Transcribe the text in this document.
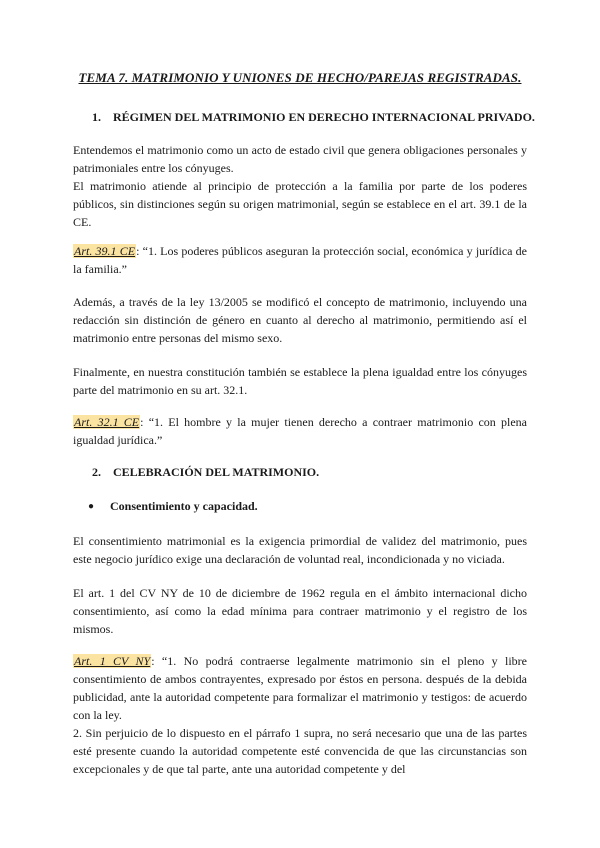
TEMA 7. MATRIMONIO Y UNIONES DE HECHO/PAREJAS REGISTRADAS.
1. RÉGIMEN DEL MATRIMONIO EN DERECHO INTERNACIONAL PRIVADO.
Entendemos el matrimonio como un acto de estado civil que genera obligaciones personales y patrimoniales entre los cónyuges.
El matrimonio atiende al principio de protección a la familia por parte de los poderes públicos, sin distinciones según su origen matrimonial, según se establece en el art. 39.1 de la CE.
Art. 39.1 CE: “1. Los poderes públicos aseguran la protección social, económica y jurídica de la familia.”
Además, a través de la ley 13/2005 se modificó el concepto de matrimonio, incluyendo una redacción sin distinción de género en cuanto al derecho al matrimonio, permitiendo así el matrimonio entre personas del mismo sexo.
Finalmente, en nuestra constitución también se establece la plena igualdad entre los cónyuges parte del matrimonio en su art. 32.1.
Art. 32.1 CE: “1. El hombre y la mujer tienen derecho a contraer matrimonio con plena igualdad jurídica.”
2. CELEBRACIÓN DEL MATRIMONIO.
● Consentimiento y capacidad.
El consentimiento matrimonial es la exigencia primordial de validez del matrimonio, pues este negocio jurídico exige una declaración de voluntad real, incondicionada y no viciada.
El art. 1 del CV NY de 10 de diciembre de 1962 regula en el ámbito internacional dicho consentimiento, así como la edad mínima para contraer matrimonio y el registro de los mismos.
Art. 1 CV NY: “1. No podrá contraerse legalmente matrimonio sin el pleno y libre consentimiento de ambos contrayentes, expresado por éstos en persona. después de la debida publicidad, ante la autoridad competente para formalizar el matrimonio y testigos: de acuerdo con la ley.
2. Sin perjuicio de lo dispuesto en el párrafo 1 supra, no será necesario que una de las partes esté presente cuando la autoridad competente esté convencida de que las circunstancias son excepcionales y de que tal parte, ante una autoridad competente y del
